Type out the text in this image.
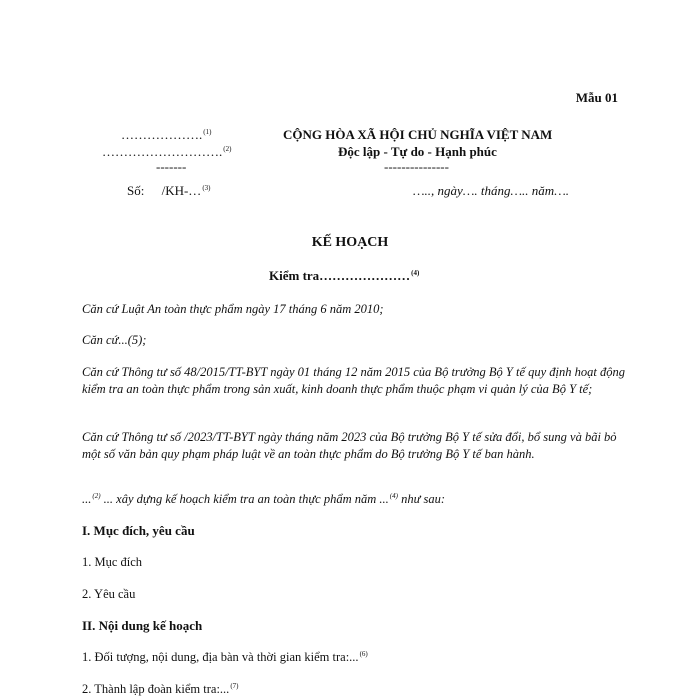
Mẫu 01
……………….$^{(1)}$
……………………….$^{(2)}$
-------
Số: /KH-…$^{(3)}$
CỘNG HÒA XÃ HỘI CHỦ NGHĨA VIỆT NAM
Độc lập - Tự do - Hạnh phúc
---------------
….., ngày…. tháng….. năm….
KẾ HOẠCH
Kiểm tra…………………$^{(4)}$
Căn cứ Luật An toàn thực phẩm ngày 17 tháng 6 năm 2010;
Căn cứ...(5);
Căn cứ Thông tư số 48/2015/TT-BYT ngày 01 tháng 12 năm 2015 của Bộ trưởng Bộ Y tế quy định hoạt động kiểm tra an toàn thực phẩm trong sản xuất, kinh doanh thực phẩm thuộc phạm vi quản lý của Bộ Y tế;
Căn cứ Thông tư số /2023/TT-BYT ngày tháng năm 2023 của Bộ trưởng Bộ Y tế sửa đổi, bổ sung và bãi bỏ một số văn bản quy phạm pháp luật về an toàn thực phẩm do Bộ trưởng Bộ Y tế ban hành.
...$^{(2)}$ ... xây dựng kế hoạch kiểm tra an toàn thực phẩm năm ...$^{(4)}$ như sau:
I. Mục đích, yêu cầu
1. Mục đích
2. Yêu cầu
II. Nội dung kế hoạch
1. Đối tượng, nội dung, địa bàn và thời gian kiểm tra:...$^{(6)}$
2. Thành lập đoàn kiểm tra:...$^{(7)}$
